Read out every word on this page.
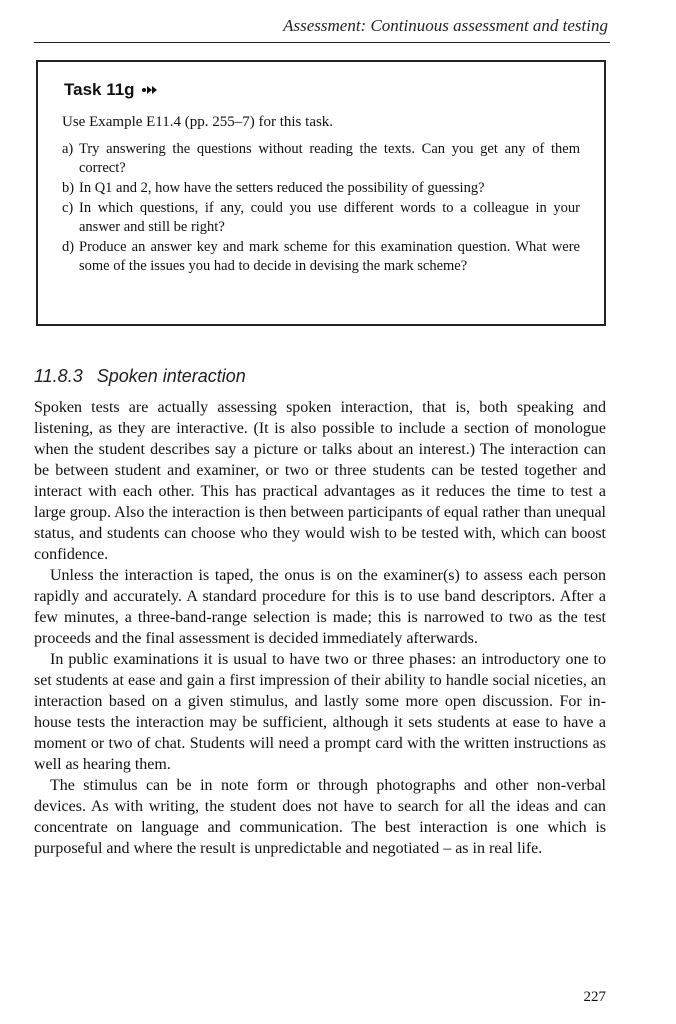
Assessment: Continuous assessment and testing
Task 11g
Use Example E11.4 (pp. 255–7) for this task.
a) Try answering the questions without reading the texts. Can you get any of them correct?
b) In Q1 and 2, how have the setters reduced the possibility of guessing?
c) In which questions, if any, could you use different words to a colleague in your answer and still be right?
d) Produce an answer key and mark scheme for this examination question. What were some of the issues you had to decide in devising the mark scheme?
11.8.3 Spoken interaction

Spoken tests are actually assessing spoken interaction, that is, both speaking and listening, as they are interactive. (It is also possible to include a section of monologue when the student describes say a picture or talks about an interest.) The interaction can be between student and examiner, or two or three students can be tested together and interact with each other. This has practical advantages as it reduces the time to test a large group. Also the interaction is then between participants of equal rather than unequal status, and students can choose who they would wish to be tested with, which can boost confidence.

Unless the interaction is taped, the onus is on the examiner(s) to assess each person rapidly and accurately. A standard procedure for this is to use band descriptors. After a few minutes, a three-band-range selection is made; this is narrowed to two as the test proceeds and the final assessment is decided immediately afterwards.

In public examinations it is usual to have two or three phases: an introductory one to set students at ease and gain a first impression of their ability to handle social niceties, an interaction based on a given stimulus, and lastly some more open discussion. For in-house tests the interaction may be sufficient, although it sets students at ease to have a moment or two of chat. Students will need a prompt card with the written instructions as well as hearing them.

The stimulus can be in note form or through photographs and other non-verbal devices. As with writing, the student does not have to search for all the ideas and can concentrate on language and communication. The best interaction is one which is purposeful and where the result is unpredictable and negotiated – as in real life.

227
